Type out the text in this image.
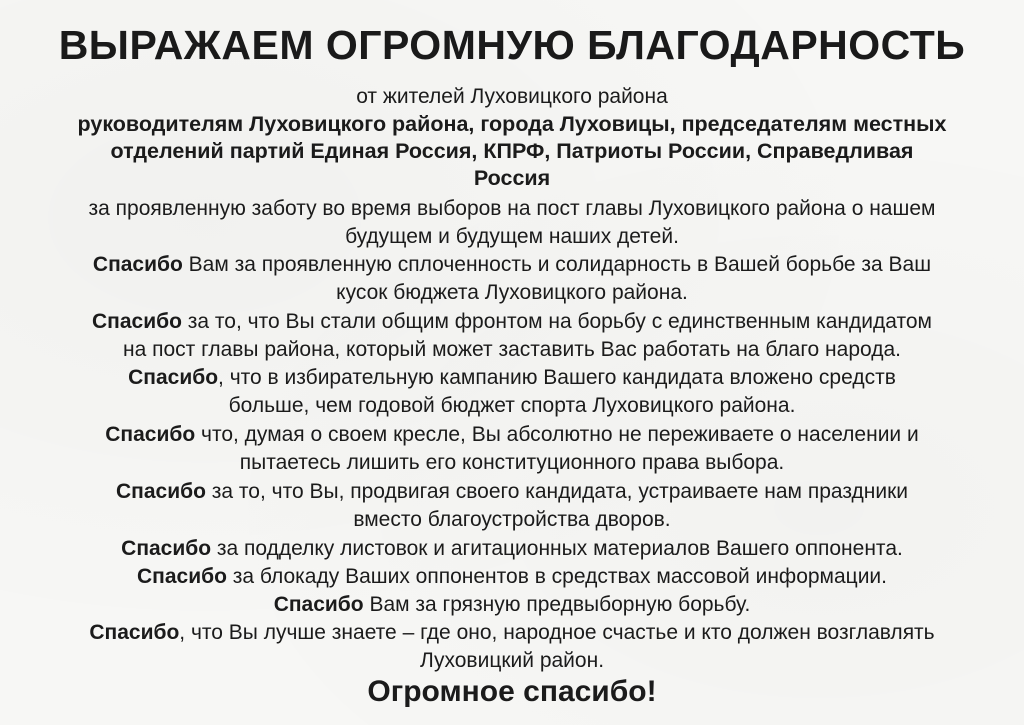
ВЫРАЖАЕМ ОГРОМНУЮ БЛАГОДАРНОСТЬ
от жителей Луховицкого района
руководителям Луховицкого района, города Луховицы, председателям местных
отделений партий Единая Россия, КПРФ, Патриоты России, Справедливая
Россия
за проявленную заботу во время выборов на пост главы Луховицкого района о нашем
будущем и будущем наших детей.
Спасибо Вам за проявленную сплоченность и солидарность в Вашей борьбе за Ваш
кусок бюджета Луховицкого района.
Спасибо за то, что Вы стали общим фронтом на борьбу с единственным кандидатом
на пост главы района, который может заставить Вас работать на благо народа.
Спасибо, что в избирательную кампанию Вашего кандидата вложено средств
больше, чем годовой бюджет спорта Луховицкого района.
Спасибо что, думая о своем кресле, Вы абсолютно не переживаете о населении и
пытаетесь лишить его конституционного права выбора.
Спасибо за то, что Вы, продвигая своего кандидата, устраиваете нам праздники
вместо благоустройства дворов.
Спасибо за подделку листовок и агитационных материалов Вашего оппонента.
Спасибо за блокаду Ваших оппонентов в средствах массовой информации.
Спасибо Вам за грязную предвыборную борьбу.
Спасибо, что Вы лучше знаете – где оно, народное счастье и кто должен возглавлять
Луховицкий район.
Огромное спасибо!
